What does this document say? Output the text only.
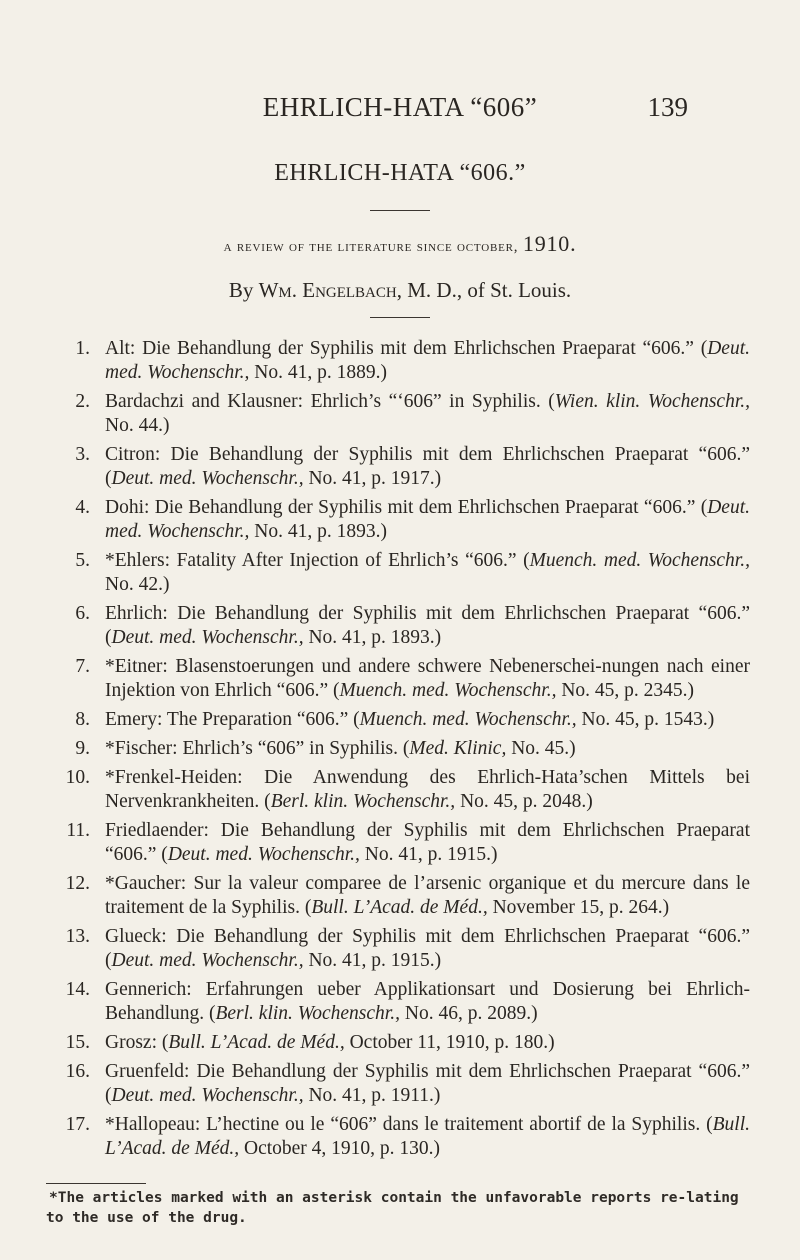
EHRLICH-HATA “606”	139
EHRLICH-HATA “606.”
a review of the literature since october, 1910.
By Wm. Engelbach, M. D., of St. Louis.
1. Alt: Die Behandlung der Syphilis mit dem Ehrlichschen Praeparat “606.” (Deut. med. Wochenschr., No. 41, p. 1889.)
2. Bardachzi and Klausner: Ehrlich’s “‘606” in Syphilis. (Wien. klin. Wochenschr., No. 44.)
3. Citron: Die Behandlung der Syphilis mit dem Ehrlichschen Praeparat “606.” (Deut. med. Wochenschr., No. 41, p. 1917.)
4. Dohi: Die Behandlung der Syphilis mit dem Ehrlichschen Praeparat “606.” (Deut. med. Wochenschr., No. 41, p. 1893.)
5. *Ehlers: Fatality After Injection of Ehrlich’s “606.” (Muench. med. Wochenschr., No. 42.)
6. Ehrlich: Die Behandlung der Syphilis mit dem Ehrlichschen Praeparat “606.” (Deut. med. Wochenschr., No. 41, p. 1893.)
7. *Eitner: Blasenstoerungen und andere schwere Nebenerschei-nungen nach einer Injektion von Ehrlich “606.” (Muench. med. Wochenschr., No. 45, p. 2345.)
8. Emery: The Preparation “606.” (Muench. med. Wochenschr., No. 45, p. 1543.)
9. *Fischer: Ehrlich’s “606” in Syphilis. (Med. Klinic, No. 45.)
10. *Frenkel-Heiden: Die Anwendung des Ehrlich-Hata’schen Mittels bei Nervenkrankheiten. (Berl. klin. Wochenschr., No. 45, p. 2048.)
11. Friedlaender: Die Behandlung der Syphilis mit dem Ehrlichschen Praeparat “606.” (Deut. med. Wochenschr., No. 41, p. 1915.)
12. *Gaucher: Sur la valeur comparee de l’arsenic organique et du mercure dans le traitement de la Syphilis. (Bull. L’Acad. de Méd., November 15, p. 264.)
13. Glueck: Die Behandlung der Syphilis mit dem Ehrlichschen Praeparat “606.” (Deut. med. Wochenschr., No. 41, p. 1915.)
14. Gennerich: Erfahrungen ueber Applikationsart und Dosierung bei Ehrlich-Behandlung. (Berl. klin. Wochenschr., No. 46, p. 2089.)
15. Grosz: (Bull. L’Acad. de Méd., October 11, 1910, p. 180.)
16. Gruenfeld: Die Behandlung der Syphilis mit dem Ehrlichschen Praeparat “606.” (Deut. med. Wochenschr., No. 41, p. 1911.)
17. *Hallopeau: L’hectine ou le “606” dans le traitement abortif de la Syphilis. (Bull. L’Acad. de Méd., October 4, 1910, p. 130.)
*The articles marked with an asterisk contain the unfavorable reports re-lating to the use of the drug.
